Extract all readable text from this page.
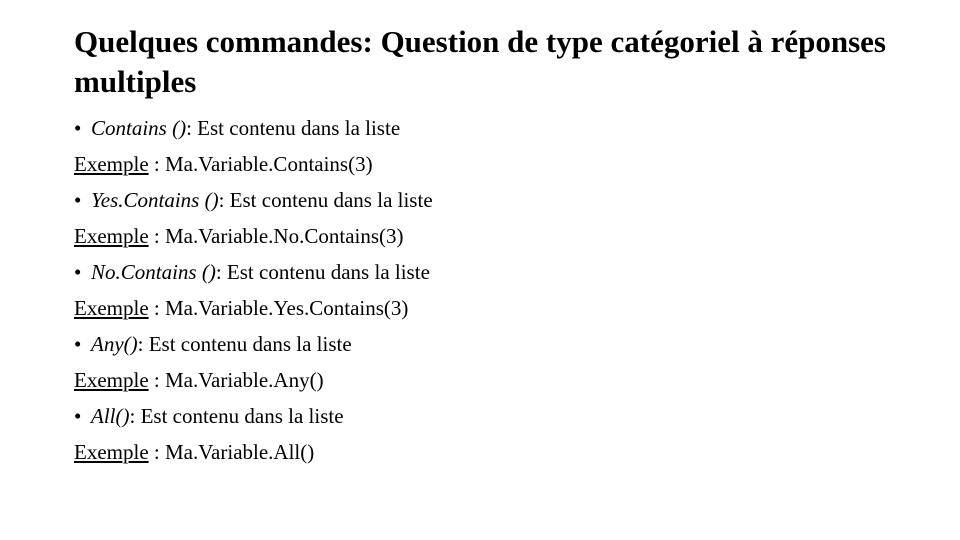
Quelques commandes: Question de type catégoriel à réponses multiples
• Contains (): Est contenu dans la liste
Exemple : Ma.Variable.Contains(3)
• Yes.Contains (): Est contenu dans la liste
Exemple : Ma.Variable.No.Contains(3)
• No.Contains (): Est contenu dans la liste
Exemple : Ma.Variable.Yes.Contains(3)
• Any(): Est contenu dans la liste
Exemple : Ma.Variable.Any()
• All(): Est contenu dans la liste
Exemple : Ma.Variable.All()
